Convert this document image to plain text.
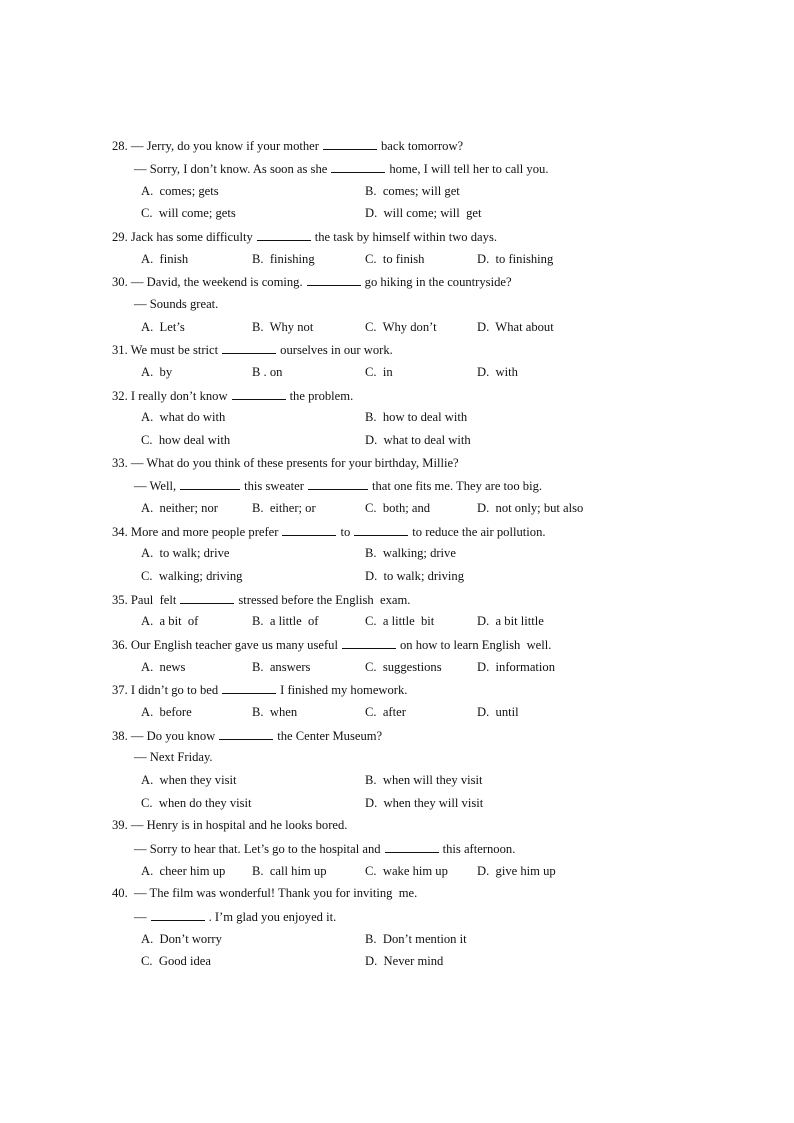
28. — Jerry, do you know if your mother	back tomorrow?
— Sorry, I don’t know. As soon as she	home, I will tell her to call you.
A.  comes; gets	B.  comes; will get
C.  will come; gets	D.  will come; will  get
29. Jack has some difficulty	the task by himself within two days.
A.  finish	B.  finishing	C.  to finish	D.  to finishing
30. — David, the weekend is coming.	go hiking in the countryside?
— Sounds great.
A.  Let’s	B.  Why not	C.  Why don’t	D.  What about
31. We must be strict	ourselves in our work.
A.  by	B . on	C.  in	D.  with
32. I really don’t know	the problem.
A.  what do with	B.  how to deal with
C.  how deal with	D.  what to deal with
33. — What do you think of these presents for your birthday, Millie?
— Well,	this sweater	that one fits me. They are too big.
A.  neither; nor	B.  either; or	C.  both; and	D.  not only; but also
34. More and more people prefer	to	to reduce the air pollution.
A.  to walk; drive	B.  walking; drive
C.  walking; driving	D.  to walk; driving
35. Paul  felt	stressed before the English  exam.
A.  a bit  of	B.  a little  of	C.  a little  bit	D.  a bit little
36. Our English teacher gave us many useful	on how to learn English  well.
A.  news	B.  answers	C.  suggestions	D.  information
37. I didn’t go to bed	I finished my homework.
A.  before	B.  when	C.  after	D.  until
38. — Do you know	the Center Museum?
— Next Friday.
A.  when they visit	B.  when will they visit
C.  when do they visit	D.  when they will visit
39. — Henry is in hospital and he looks bored.
— Sorry to hear that. Let’s go to the hospital and	this afternoon.
A.  cheer him up B.  call him up	C.  wake him up D.  give him up
40.  — The film was wonderful! Thank you for inviting  me.
—	. I’m glad you enjoyed it.
A.  Don’t worry	B.  Don’t mention it
C.  Good idea	D.  Never mind
